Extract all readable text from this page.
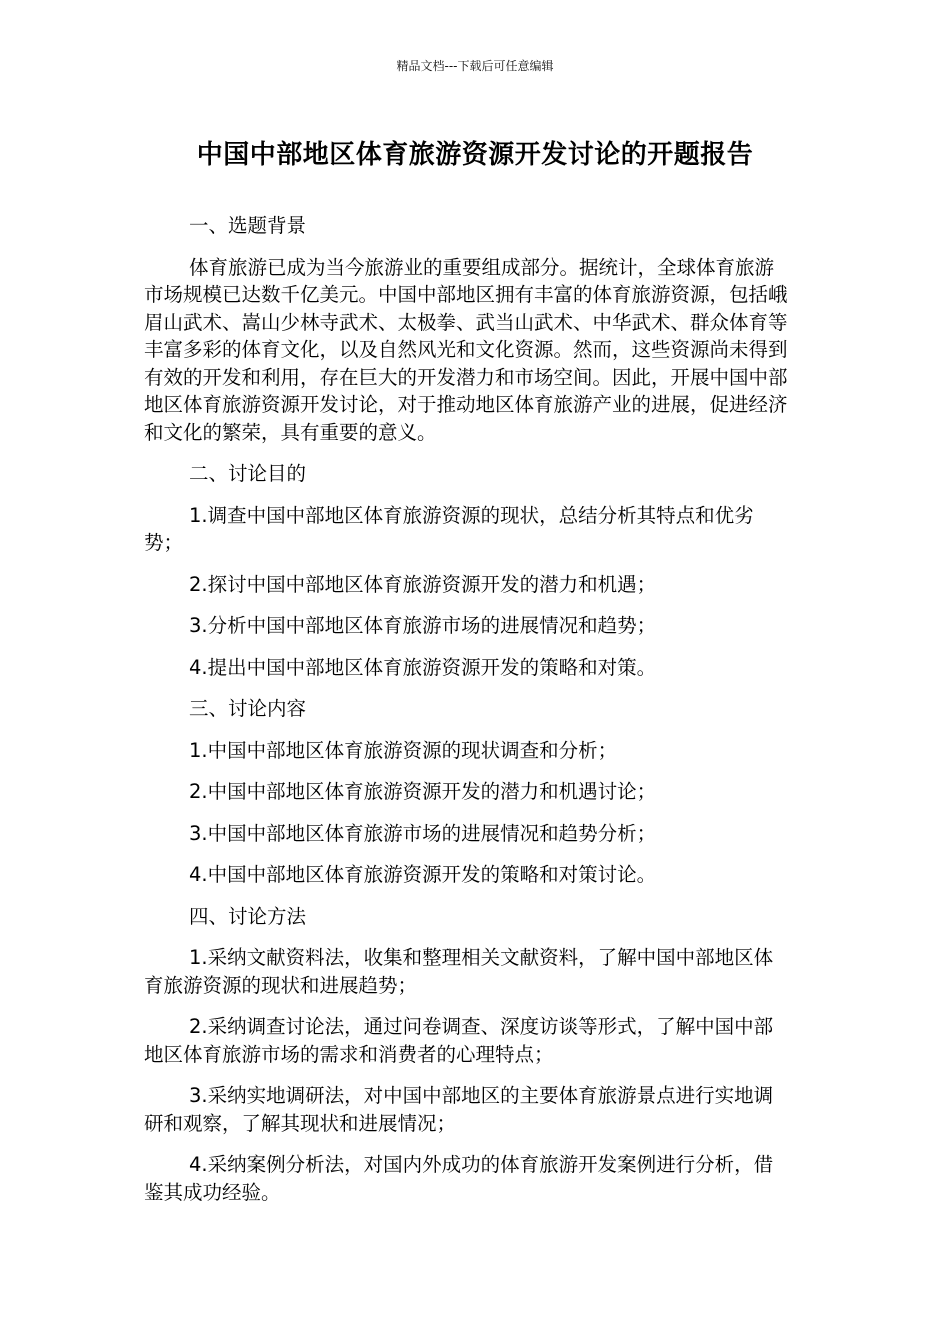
精品文档---下载后可任意编辑
中国中部地区体育旅游资源开发讨论的开题报告

一、选题背景

体育旅游已成为当今旅游业的重要组成部分。据统计，全球体育旅游市场规模已达数千亿美元。中国中部地区拥有丰富的体育旅游资源，包括峨眉山武术、嵩山少林寺武术、太极拳、武当山武术、中华武术、群众体育等丰富多彩的体育文化，以及自然风光和文化资源。然而，这些资源尚未得到有效的开发和利用，存在巨大的开发潜力和市场空间。因此，开展中国中部地区体育旅游资源开发讨论，对于推动地区体育旅游产业的进展，促进经济和文化的繁荣，具有重要的意义。

二、讨论目的

1.调查中国中部地区体育旅游资源的现状，总结分析其特点和优劣势；

2.探讨中国中部地区体育旅游资源开发的潜力和机遇；

3.分析中国中部地区体育旅游市场的进展情况和趋势；

4.提出中国中部地区体育旅游资源开发的策略和对策。

三、讨论内容

1.中国中部地区体育旅游资源的现状调查和分析；

2.中国中部地区体育旅游资源开发的潜力和机遇讨论；

3.中国中部地区体育旅游市场的进展情况和趋势分析；

4.中国中部地区体育旅游资源开发的策略和对策讨论。

四、讨论方法

1.采纳文献资料法，收集和整理相关文献资料，了解中国中部地区体育旅游资源的现状和进展趋势；

2.采纳调查讨论法，通过问卷调查、深度访谈等形式，了解中国中部地区体育旅游市场的需求和消费者的心理特点；

3.采纳实地调研法，对中国中部地区的主要体育旅游景点进行实地调研和观察，了解其现状和进展情况；

4.采纳案例分析法，对国内外成功的体育旅游开发案例进行分析，借鉴其成功经验。
